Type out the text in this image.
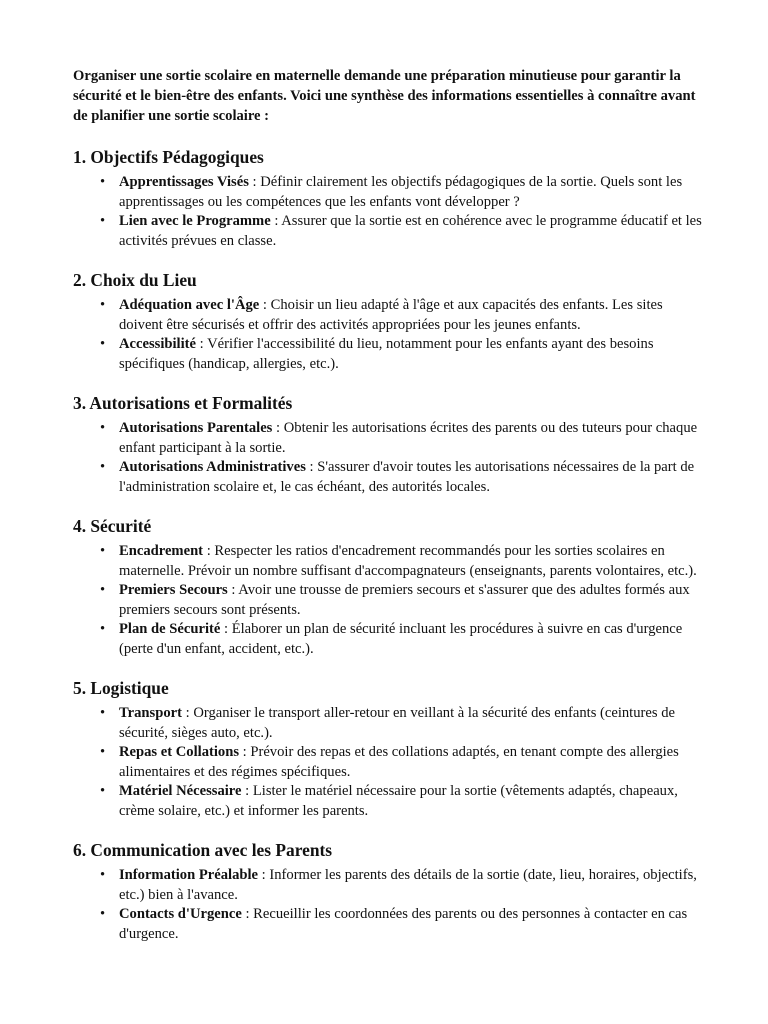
Organiser une sortie scolaire en maternelle demande une préparation minutieuse pour garantir la sécurité et le bien-être des enfants. Voici une synthèse des informations essentielles à connaître avant de planifier une sortie scolaire :

1. Objectifs Pédagogiques
• Apprentissages Visés : Définir clairement les objectifs pédagogiques de la sortie. Quels sont les apprentissages ou les compétences que les enfants vont développer ?
• Lien avec le Programme : Assurer que la sortie est en cohérence avec le programme éducatif et les activités prévues en classe.
2. Choix du Lieu
• Adéquation avec l'Âge : Choisir un lieu adapté à l'âge et aux capacités des enfants. Les sites doivent être sécurisés et offrir des activités appropriées pour les jeunes enfants.
• Accessibilité : Vérifier l'accessibilité du lieu, notamment pour les enfants ayant des besoins spécifiques (handicap, allergies, etc.).
3. Autorisations et Formalités
• Autorisations Parentales : Obtenir les autorisations écrites des parents ou des tuteurs pour chaque enfant participant à la sortie.
• Autorisations Administratives : S'assurer d'avoir toutes les autorisations nécessaires de la part de l'administration scolaire et, le cas échéant, des autorités locales.
4. Sécurité
• Encadrement : Respecter les ratios d'encadrement recommandés pour les sorties scolaires en maternelle. Prévoir un nombre suffisant d'accompagnateurs (enseignants, parents volontaires, etc.).
• Premiers Secours : Avoir une trousse de premiers secours et s'assurer que des adultes formés aux premiers secours sont présents.
• Plan de Sécurité : Élaborer un plan de sécurité incluant les procédures à suivre en cas d'urgence (perte d'un enfant, accident, etc.).
5. Logistique
• Transport : Organiser le transport aller-retour en veillant à la sécurité des enfants (ceintures de sécurité, sièges auto, etc.).
• Repas et Collations : Prévoir des repas et des collations adaptés, en tenant compte des allergies alimentaires et des régimes spécifiques.
• Matériel Nécessaire : Lister le matériel nécessaire pour la sortie (vêtements adaptés, chapeaux, crème solaire, etc.) et informer les parents.
6. Communication avec les Parents
• Information Préalable : Informer les parents des détails de la sortie (date, lieu, horaires, objectifs, etc.) bien à l'avance.
• Contacts d'Urgence : Recueillir les coordonnées des parents ou des personnes à contacter en cas d'urgence.
